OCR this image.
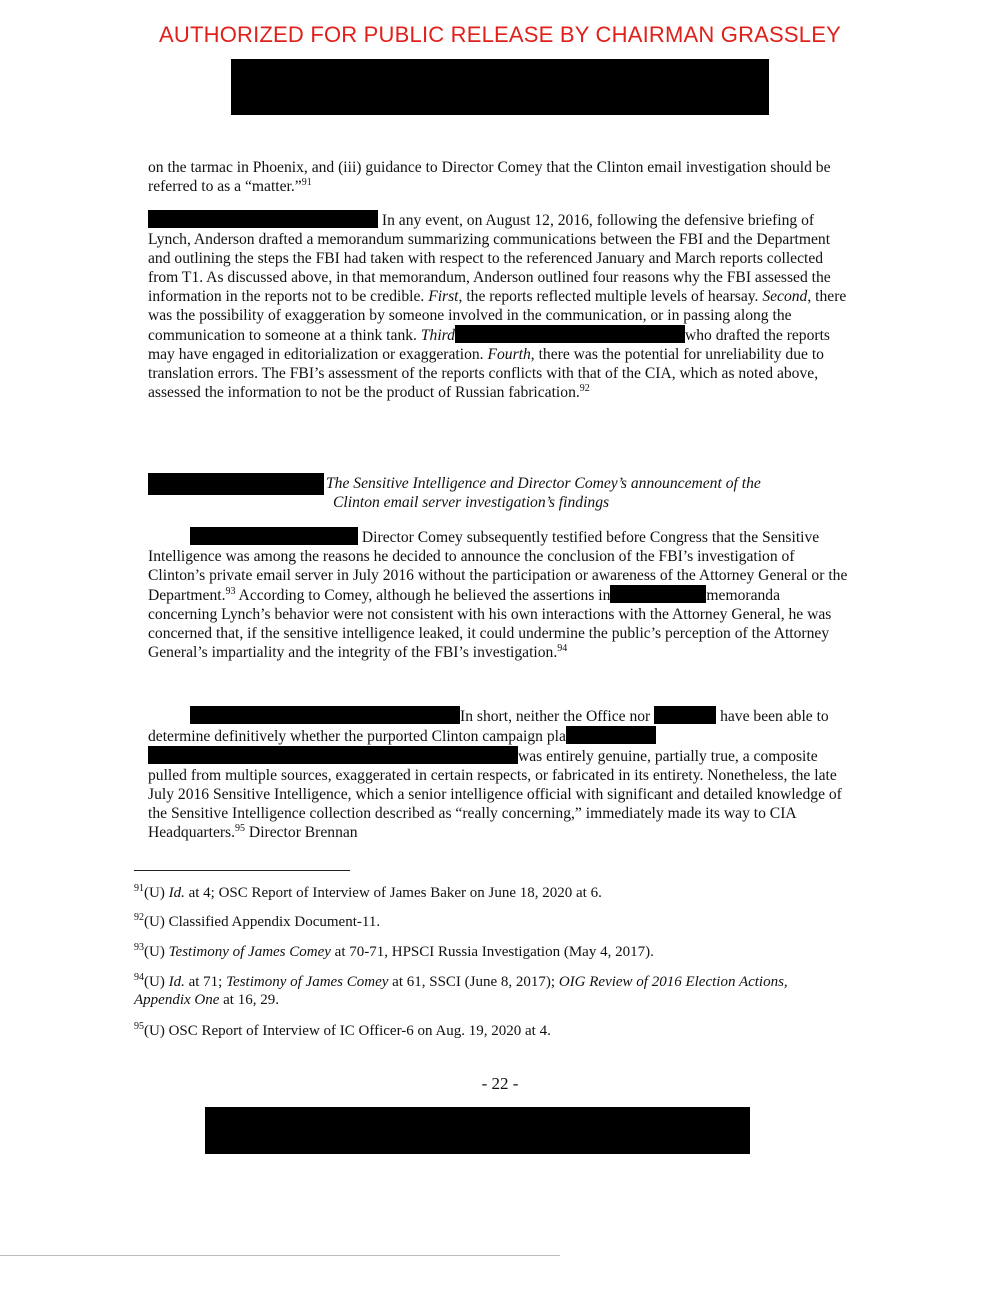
AUTHORIZED FOR PUBLIC RELEASE BY CHAIRMAN GRASSLEY

on the tarmac in Phoenix, and (iii) guidance to Director Comey that the Clinton email investigation should be referred to as a “matter.”$^{91}$

In any event, on August 12, 2016, following the defensive briefing of Lynch, Anderson drafted a memorandum summarizing communications between the FBI and the Department and outlining the steps the FBI had taken with respect to the referenced January and March reports collected from T1. As discussed above, in that memorandum, Anderson outlined four reasons why the FBI assessed the information in the reports not to be credible. First, the reports reflected multiple levels of hearsay. Second, there was the possibility of exaggeration by someone involved in the communication, or in passing along the communication to someone at a think tank. Third	who drafted the reports may have engaged in editorialization or exaggeration. Fourth, there was the potential for unreliability due to translation errors. The FBI’s assessment of the reports conflicts with that of the CIA, which as noted above, assessed the information to not be the product of Russian fabrication.$^{92}$

The Sensitive Intelligence and Director Comey’s announcement of the
Clinton email server investigation’s findings

Director Comey subsequently testified before Congress that the Sensitive Intelligence was among the reasons he decided to announce the conclusion of the FBI’s investigation of Clinton’s private email server in July 2016 without the participation or awareness of the Attorney General or the Department.$^{93}$ According to Comey, although he believed the assertions in	memoranda concerning Lynch’s behavior were not consistent with his own interactions with the Attorney General, he was concerned that, if the sensitive intelligence leaked, it could undermine the public’s perception of the Attorney General’s impartiality and the integrity of the FBI’s investigation.$^{94}$

In short, neither the Office nor	have been able to determine definitively whether the purported Clinton campaign pla was entirely genuine, partially true, a composite pulled from multiple sources, exaggerated in certain respects, or fabricated in its entirety. Nonetheless, the late July 2016 Sensitive Intelligence, which a senior intelligence official with significant and detailed knowledge of the Sensitive Intelligence collection described as “really concerning,” immediately made its way to CIA Headquarters.$^{95}$ Director Brennan

$^{91}$(U) Id. at 4; OSC Report of Interview of James Baker on June 18, 2020 at 6.
$^{92}$(U) Classified Appendix Document-11.
$^{93}$(U) Testimony of James Comey at 70-71, HPSCI Russia Investigation (May 4, 2017).
$^{94}$(U) Id. at 71; Testimony of James Comey at 61, SSCI (June 8, 2017); OIG Review of 2016 Election Actions, Appendix One at 16, 29.
$^{95}$(U) OSC Report of Interview of IC Officer-6 on Aug. 19, 2020 at 4.
- 22 -
